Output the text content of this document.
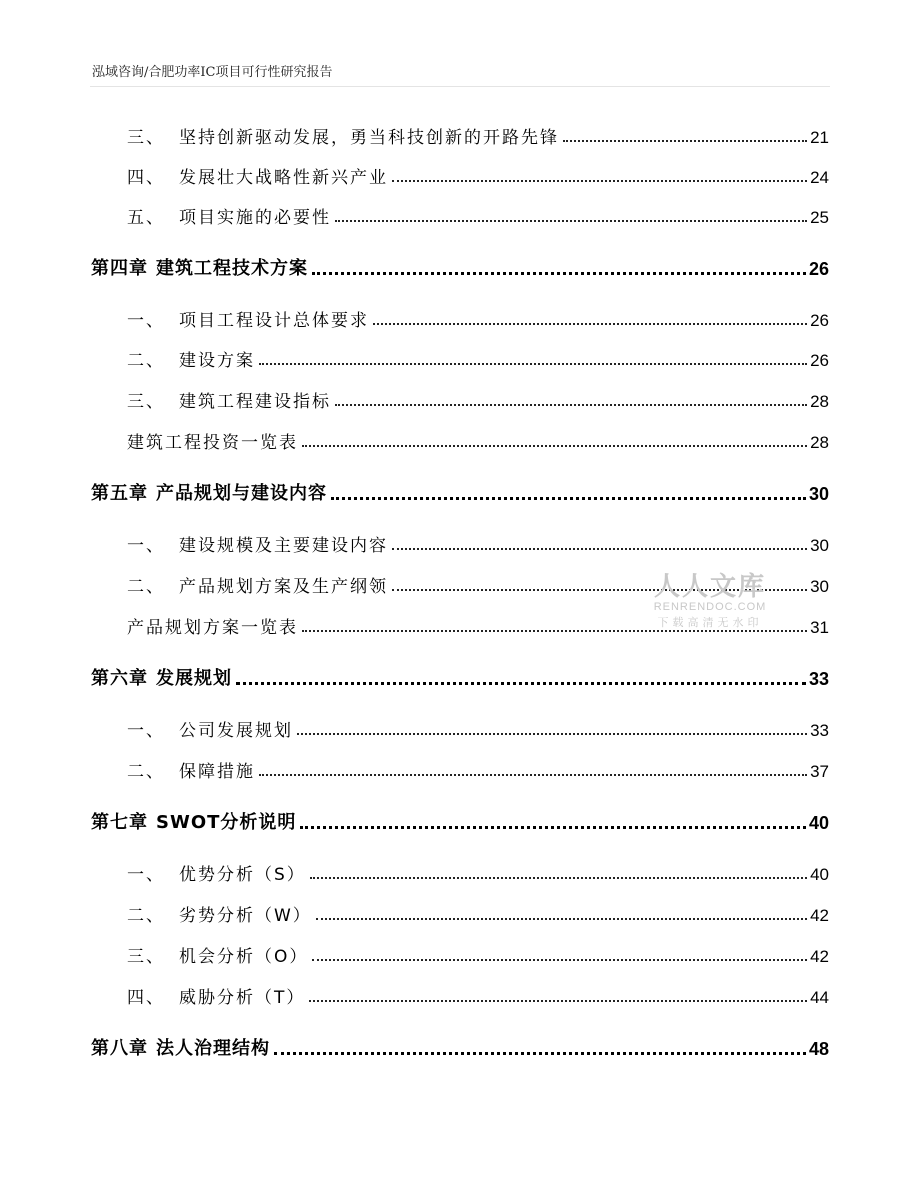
泓域咨询/合肥功率IC项目可行性研究报告
三、 坚持创新驱动发展，勇当科技创新的开路先锋	21
四、 发展壮大战略性新兴产业	24
五、 项目实施的必要性	25
第四章 建筑工程技术方案	26
一、 项目工程设计总体要求	26
二、 建设方案	26
三、 建筑工程建设指标	28
建筑工程投资一览表	28
第五章 产品规划与建设内容	30
一、 建设规模及主要建设内容	30
二、 产品规划方案及生产纲领	30
产品规划方案一览表	31
第六章 发展规划	33
一、 公司发展规划	33
二、 保障措施	37
第七章 SWOT分析说明	40
一、 优势分析（S）	40
二、 劣势分析（W）	42
三、 机会分析（O）	42
四、 威胁分析（T）	44
第八章 法人治理结构	48
人人文库
RENRENDOC.COM
下载高清无水印
